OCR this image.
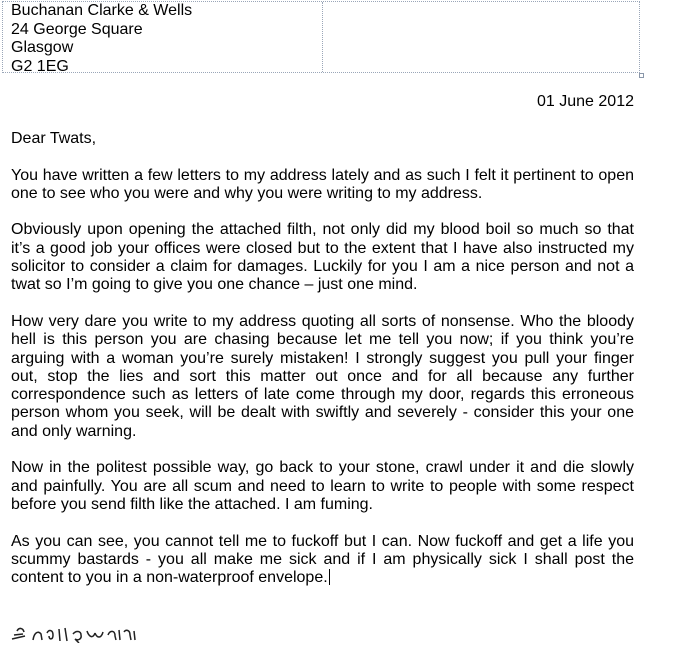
Buchanan Clarke & Wells
24 George Square
Glasgow
G2 1EG
01 June 2012

Dear Twats,

You have written a few letters to my address lately and as such I felt it pertinent to open one to see who you were and why you were writing to my address.

Obviously upon opening the attached filth, not only did my blood boil so much so that it’s a good job your offices were closed but to the extent that I have also instructed my solicitor to consider a claim for damages. Luckily for you I am a nice person and not a twat so I’m going to give you one chance – just one mind.

How very dare you write to my address quoting all sorts of nonsense. Who the bloody hell is this person you are chasing because let me tell you now; if you think you’re arguing with a woman you’re surely mistaken! I strongly suggest you pull your finger out, stop the lies and sort this matter out once and for all because any further correspondence such as letters of late come through my door, regards this erroneous person whom you seek, will be dealt with swiftly and severely - consider this your one and only warning.

Now in the politest possible way, go back to your stone, crawl under it and die slowly and painfully. You are all scum and need to learn to write to people with some respect before you send filth like the attached. I am fuming.

As you can see, you cannot tell me to fuckoff but I can. Now fuckoff and get a life you scummy bastards - you all make me sick and if I am physically sick I shall post the content to you in a non-waterproof envelope.
